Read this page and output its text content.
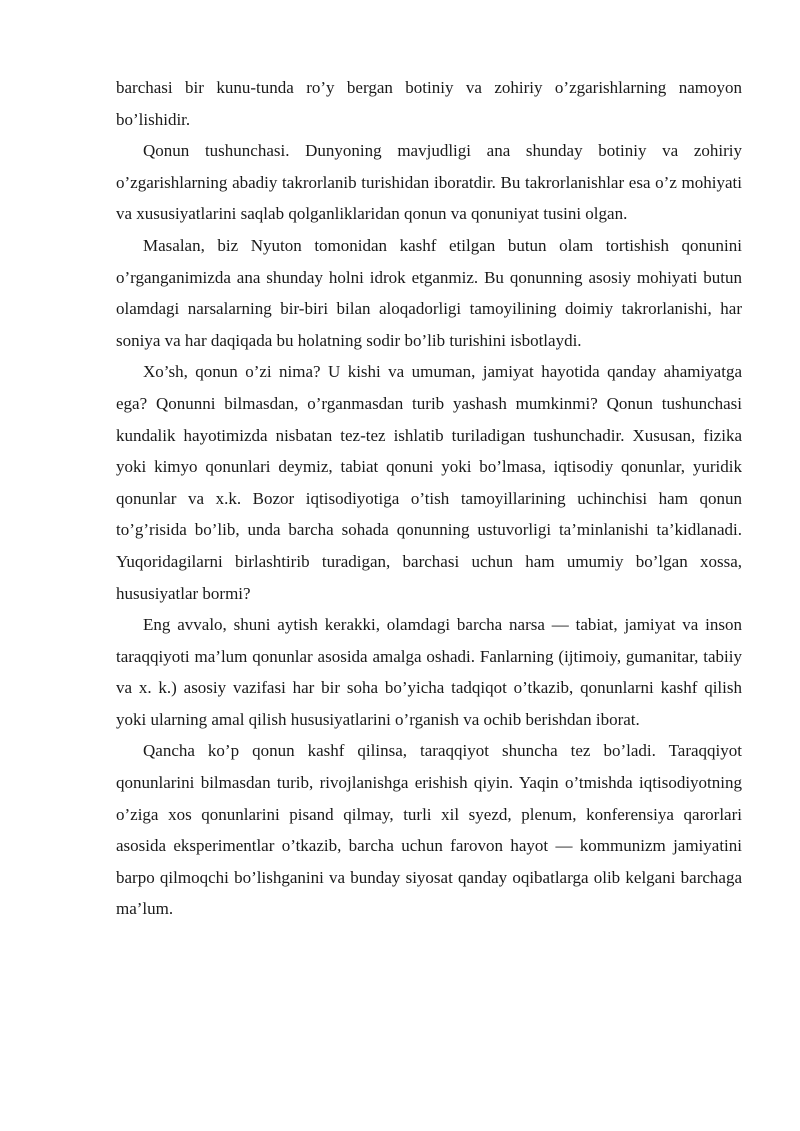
barchasi bir kunu-tunda ro’y bergan botiniy va zohiriy o’zgarishlarning namoyon bo’lishidir.

Qonun tushunchasi. Dunyoning mavjudligi ana shunday botiniy va zohiriy o’zgarishlarning abadiy takrorlanib turishidan iboratdir. Bu takrorlanishlar esa o’z mohiyati va xususiyatlarini saqlab qolganliklaridan qonun va qonuniyat tusini olgan.

Masalan, biz Nyuton tomonidan kashf etilgan butun olam tortishish qonunini o’rganganimizda ana shunday holni idrok etganmiz. Bu qonunning asosiy mohiyati butun olamdagi narsalarning bir-biri bilan aloqadorligi tamoyilining doimiy takrorlanishi, har soniya va har daqiqada bu holatning sodir bo’lib turishini isbotlaydi.

Xo’sh, qonun o’zi nima? U kishi va umuman, jamiyat hayotida qanday ahamiyatga ega? Qonunni bilmasdan, o’rganmasdan turib yashash mumkinmi? Qonun tushunchasi kundalik hayotimizda nisbatan tez-tez ishlatib turiladigan tushunchadir. Xususan, fizika yoki kimyo qonunlari deymiz, tabiat qonuni yoki bo’lmasa, iqtisodiy qonunlar, yuridik qonunlar va x.k. Bozor iqtisodiyotiga o’tish tamoyillarining uchinchisi ham qonun to’g’risida bo’lib, unda barcha sohada qonunning ustuvorligi ta’minlanishi ta’kidlanadi. Yuqoridagilarni birlashtirib turadigan, barchasi uchun ham umumiy bo’lgan xossa, hususiyatlar bormi?

Eng avvalo, shuni aytish kerakki, olamdagi barcha narsa — tabiat, jamiyat va inson taraqqiyoti ma’lum qonunlar asosida amalga oshadi. Fanlarning (ijtimoiy, gumanitar, tabiiy va x. k.) asosiy vazifasi har bir soha bo’yicha tadqiqot o’tkazib, qonunlarni kashf qilish yoki ularning amal qilish hususiyatlarini o’rganish va ochib berishdan iborat.

Qancha ko’p qonun kashf qilinsa, taraqqiyot shuncha tez bo’ladi. Taraqqiyot qonunlarini bilmasdan turib, rivojlanishga erishish qiyin. Yaqin o’tmishda iqtisodiyotning o’ziga xos qonunlarini pisand qilmay, turli xil syezd, plenum, konferensiya qarorlari asosida eksperimentlar o’tkazib, barcha uchun farovon hayot — kommunizm jamiyatini barpo qilmoqchi bo’lishganini va bunday siyosat qanday oqibatlarga olib kelgani barchaga ma’lum.
